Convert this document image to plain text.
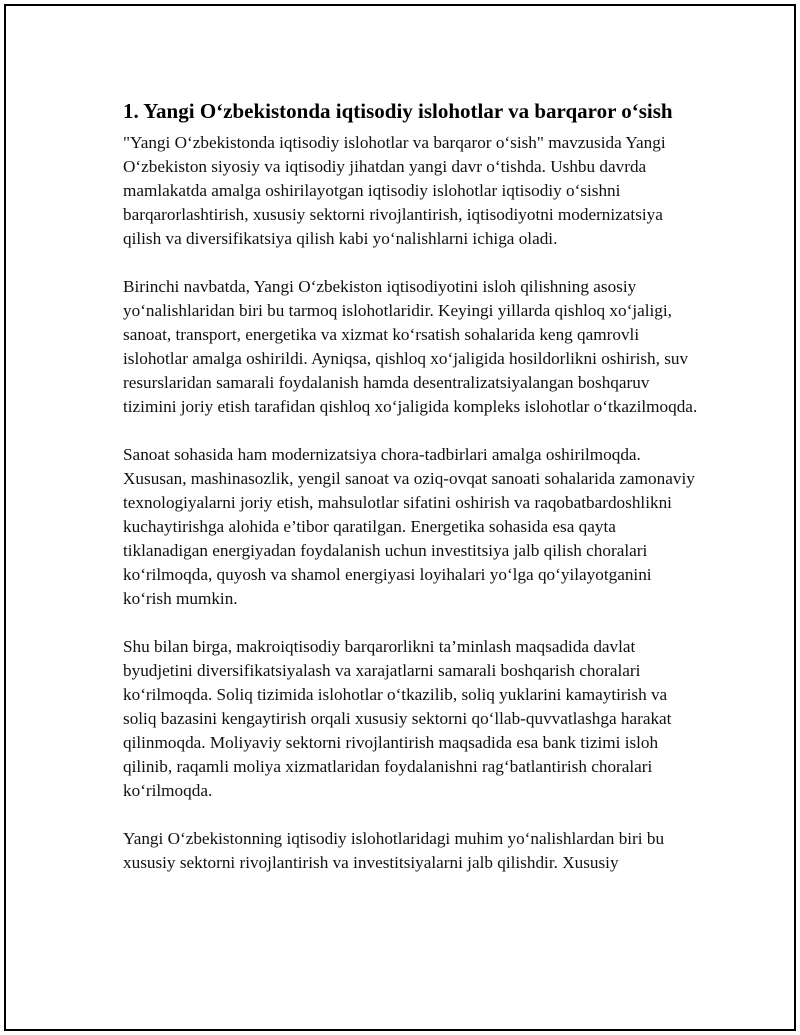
1. Yangi O‘zbekistonda iqtisodiy islohotlar va barqaror o‘sish

"Yangi O‘zbekistonda iqtisodiy islohotlar va barqaror o‘sish" mavzusida Yangi O‘zbekiston siyosiy va iqtisodiy jihatdan yangi davr o‘tishda. Ushbu davrda mamlakatda amalga oshirilayotgan iqtisodiy islohotlar iqtisodiy o‘sishni barqarorlashtirish, xususiy sektorni rivojlantirish, iqtisodiyotni modernizatsiya qilish va diversifikatsiya qilish kabi yo‘nalishlarni ichiga oladi.

Birinchi navbatda, Yangi O‘zbekiston iqtisodiyotini isloh qilishning asosiy yo‘nalishlaridan biri bu tarmoq islohotlaridir. Keyingi yillarda qishloq xo‘jaligi, sanoat, transport, energetika va xizmat ko‘rsatish sohalarida keng qamrovli islohotlar amalga oshirildi. Ayniqsa, qishloq xo‘jaligida hosildorlikni oshirish, suv resurslaridan samarali foydalanish hamda desentralizatsiyalangan boshqaruv tizimini joriy etish tarafidan qishloq xo‘jaligida kompleks islohotlar o‘tkazilmoqda.

Sanoat sohasida ham modernizatsiya chora-tadbirlari amalga oshirilmoqda. Xususan, mashinasozlik, yengil sanoat va oziq-ovqat sanoati sohalarida zamonaviy texnologiyalarni joriy etish, mahsulotlar sifatini oshirish va raqobatbardoshlikni kuchaytirishga alohida e’tibor qaratilgan. Energetika sohasida esa qayta tiklanadigan energiyadan foydalanish uchun investitsiya jalb qilish choralari ko‘rilmoqda, quyosh va shamol energiyasi loyihalari yo‘lga qo‘yilayotganini ko‘rish mumkin.

Shu bilan birga, makroiqtisodiy barqarorlikni ta’minlash maqsadida davlat byudjetini diversifikatsiyalash va xarajatlarni samarali boshqarish choralari ko‘rilmoqda. Soliq tizimida islohotlar o‘tkazilib, soliq yuklarini kamaytirish va soliq bazasini kengaytirish orqali xususiy sektorni qo‘llab-quvvatlashga harakat qilinmoqda. Moliyaviy sektorni rivojlantirish maqsadida esa bank tizimi isloh qilinib, raqamli moliya xizmatlaridan foydalanishni rag‘batlantirish choralari ko‘rilmoqda.

Yangi O‘zbekistonning iqtisodiy islohotlaridagi muhim yo‘nalishlardan biri bu xususiy sektorni rivojlantirish va investitsiyalarni jalb qilishdir. Xususiy
